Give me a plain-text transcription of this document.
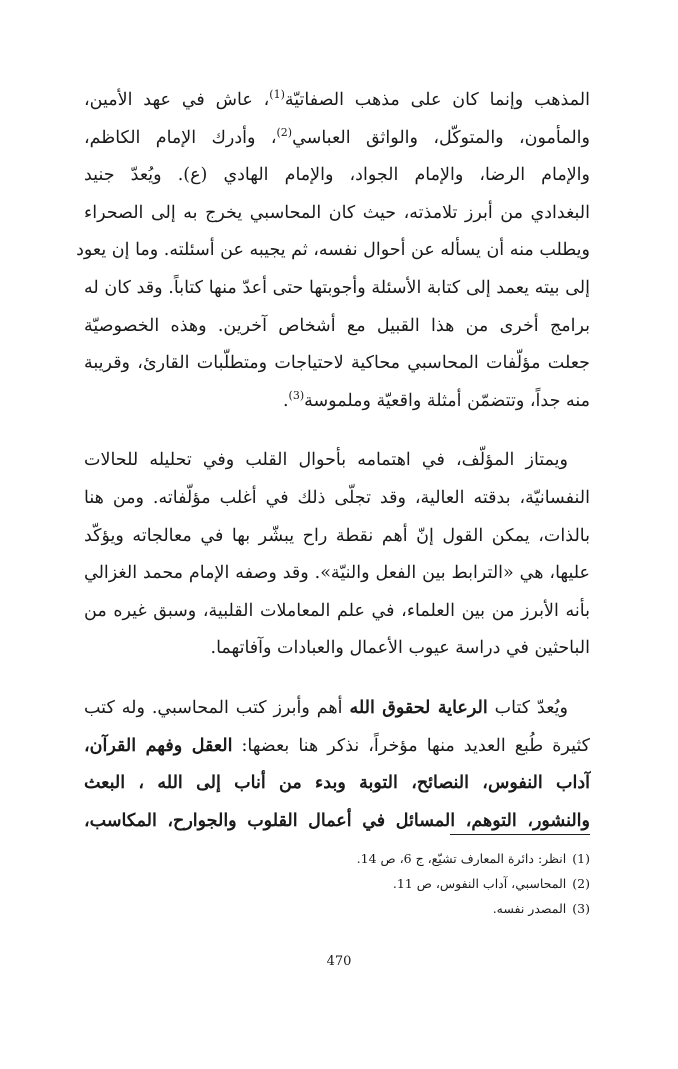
المذهب وإنما كان على مذهب الصفاتيّة$^{(1)}$، عاش في عهد الأمين،
والمأمون، والمتوكّل، والواثق العباسي$^{(2)}$، وأدرك الإمام الكاظم،
والإمام الرضا، والإمام الجواد، والإمام الهادي (ع). ويُعدّ جنيد
البغدادي من أبرز تلامذته، حيث كان المحاسبي يخرج به إلى الصحراء
ويطلب منه أن يسأله عن أحوال نفسه، ثم يجيبه عن أسئلته. وما إن يعود
إلى بيته يعمد إلى كتابة الأسئلة وأجوبتها حتى أعدّ منها كتاباً. وقد كان له
برامج أخرى من هذا القبيل مع أشخاص آخرين. وهذه الخصوصيّة
جعلت مؤلّفات المحاسبي محاكية لاحتياجات ومتطلّبات القارئ، وقريبة
منه جداً، وتتضمّن أمثلة واقعيّة وملموسة$^{(3)}$.

ويمتاز المؤلّف، في اهتمامه بأحوال القلب وفي تحليله للحالات
النفسانيّة، بدقته العالية، وقد تجلّى ذلك في أغلب مؤلّفاته. ومن هنا
بالذات، يمكن القول إنّ أهم نقطة راح يبشّر بها في معالجاته ويؤكّد
عليها، هي «الترابط بين الفعل والنيّة». وقد وصفه الإمام محمد الغزالي
بأنه الأبرز من بين العلماء، في علم المعاملات القلبية، وسبق غيره من
الباحثين في دراسة عيوب الأعمال والعبادات وآفاتهما.

ويُعدّ كتاب الرعاية لحقوق الله أهم وأبرز كتب المحاسبي. وله كتب
كثيرة طُبع العديد منها مؤخراً، نذكر هنا بعضها: العقل وفهم القرآن،
آداب النفوس، النصائح، التوبة وبدء من أناب إلى الله ، البعث
والنشور، التوهم، المسائل في أعمال القلوب والجوارح، المكاسب،

(1)انظر: دائرة المعارف تشيّع، ج 6، ص 14.
(2)المحاسبي، آداب النفوس، ص 11.
(3)المصدر نفسه.
470
